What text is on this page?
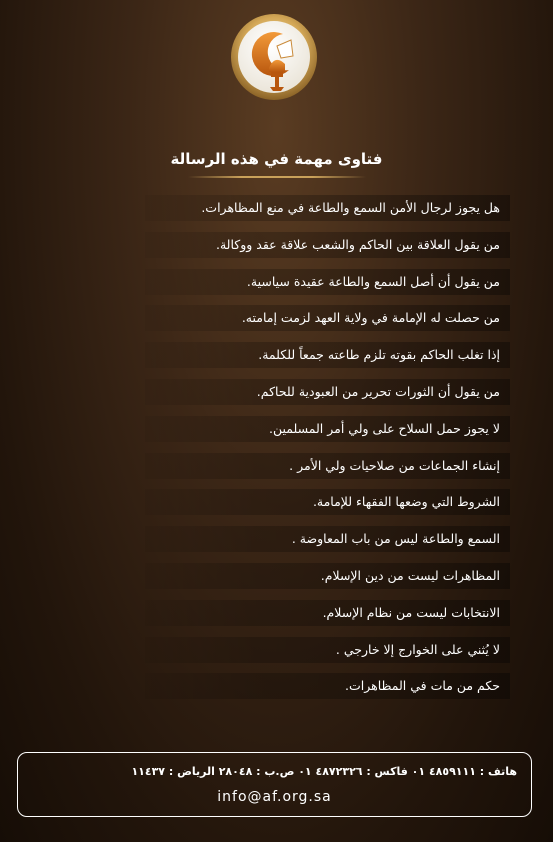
فتاوى مهمة في هذه الرسالة
هل يجوز لرجال الأمن السمع والطاعة في منع المظاهرات.
من يقول العلاقة بين الحاكم والشعب علاقة عقد ووكالة.
من يقول أن أصل السمع والطاعة عقيدة سياسية.
من حصلت له الإمامة في ولاية العهد لزمت إمامته.
إذا تغلب الحاكم بقوته تلزم طاعته جمعاً للكلمة.
من يقول أن الثورات تحرير من العبودية للحاكم.
لا يجوز حمل السلاح على ولي أمر المسلمين.
إنشاء الجماعات من صلاحيات ولي الأمر .
الشروط التي وضعها الفقهاء للإمامة.
السمع والطاعة ليس من باب المعاوضة .
المظاهرات ليست من دين الإسلام.
الانتخابات ليست من نظام الإسلام.
لا يُثني على الخوارج إلا خارجي .
حكم من مات في المظاهرات.
هاتف : ٤٨٥٩١١١ ٠١ فاكس : ٤٨٧٢٣٢٦ ٠١ ص.ب : ٢٨٠٤٨ الرياض : ١١٤٣٧
info@af.org.sa
